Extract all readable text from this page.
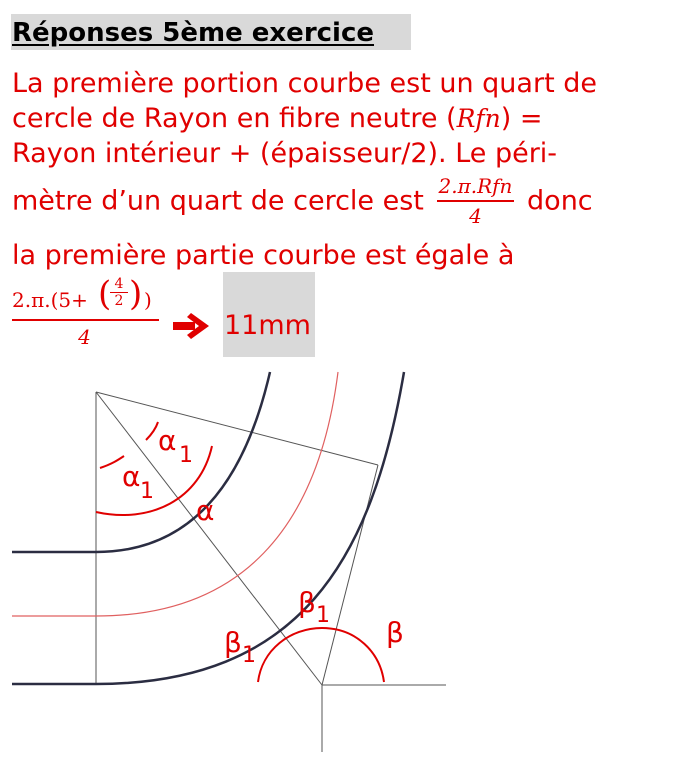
Réponses 5ème exercice
La première portion courbe est un quart de
cercle de Rayon en fibre neutre (Rfn) =
Rayon intérieur + (épaisseur/2). Le péri-
mètre d’un quart de cercle est $\frac{\text{2.π.Rfn}}{4}$ donc
la première partie courbe est égale à
2.π.(5+ (
$\frac{4}{2}$ ) )
4 11mm
α 1
α 1
α
β 1
β 1
β
